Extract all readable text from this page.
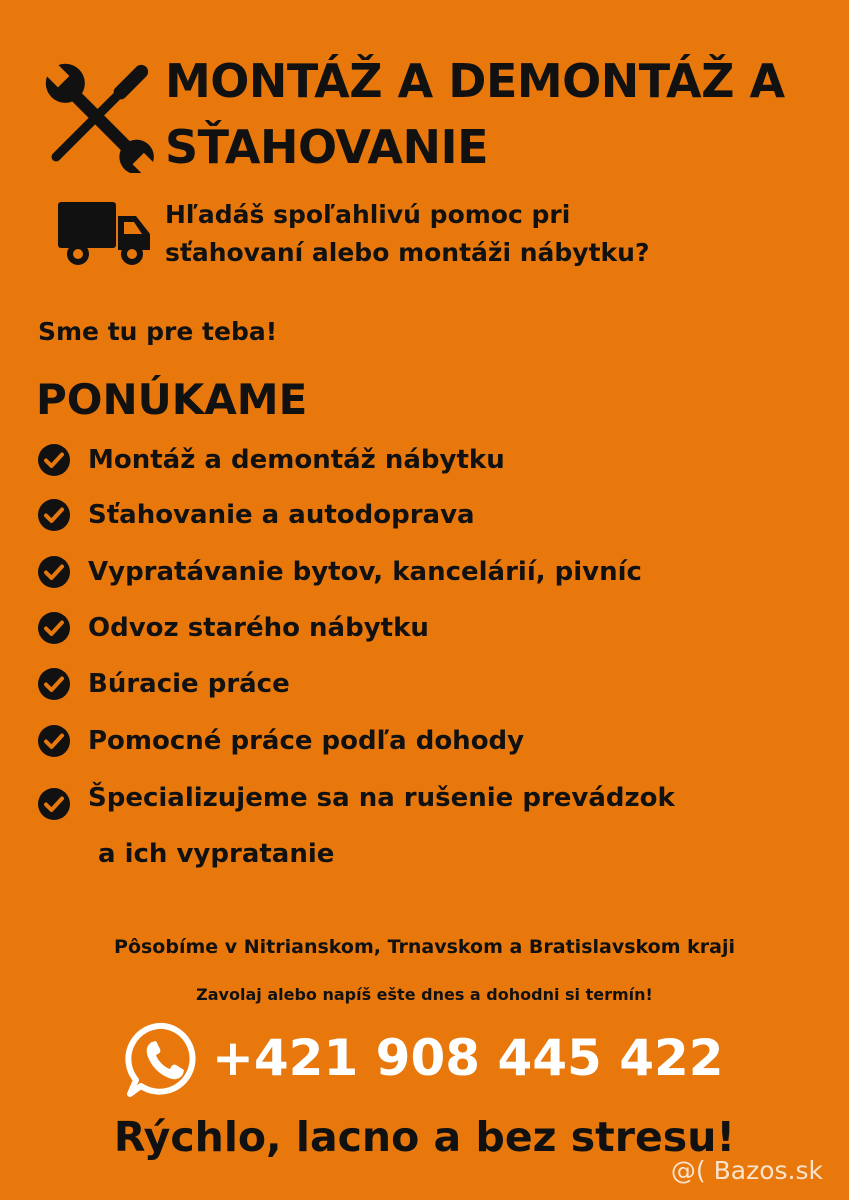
MONTÁŽ A DEMONTÁŽ A
SŤAHOVANIE
Hľadáš spoľahlivú pomoc pri
sťahovaní alebo montáži nábytku?
Sme tu pre teba!
PONÚKAME
Montáž a demontáž nábytku
Sťahovanie a autodoprava
Vypratávanie bytov, kancelárií, pivníc
Odvoz starého nábytku
Búracie práce
Pomocné práce podľa dohody
Špecializujeme sa na rušenie prevádzok
a ich vypratanie
Pôsobíme v Nitrianskom, Trnavskom a Bratislavskom kraji
Zavolaj alebo napíš ešte dnes a dohodni si termín!
+421 908 445 422
Rýchlo, lacno a bez stresu!
@( Bazos.sk
